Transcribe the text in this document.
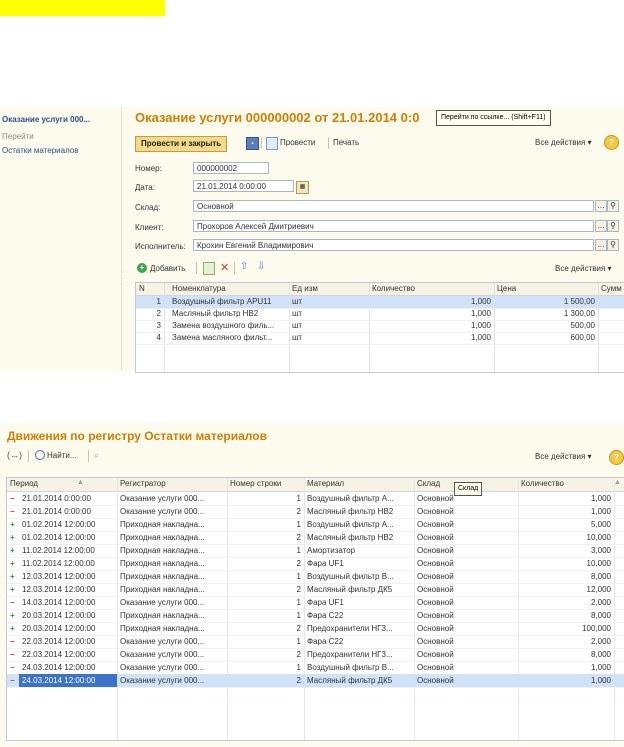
Оказание услуги 000...
Перейти
Остатки материалов
·
·
·
·
Оказание услуги 000000002 от 21.01.2014 0:0	Перейти по ссылке... (Shift+F11)
Провести и закрыть	▪	Провести Печать	Все действия ▾	?
Номер:	000000002
Дата:	21.01.2014 0:00:00	▦
Склад:	Основной	… ⚲
Клиент:	Прохоров Алексей Дмитриевич	… ⚲
Исполнитель:	Крохин Евгений Владимирович	… ⚲
+ Добавить	✕ ⇧ ⇩	Все действия ▾
N	Номенклатура	Ед изм	Количество	Цена	Сумм
1	Воздушный фильтр APU11	шт	1,000	1 500,00
2	Масляный фильтр HB2	шт	1,000	1 300,00
3	Замена воздушного филь...	шт	1,000	500,00
4	Замена масляного фильт...	шт	1,000	600,00
Движения по регистру Остатки материалов
(↔)	Найти... ⌕	Все действия ▾	?
Период	▲	Регистратор	Номер строки	Материал	Склад	Количество
− 21.01.2014 0:00:00	Оказание услуги 000...	1 Воздушный фильтр А...	Основной	1,000
− 21.01.2014 0:00:00	Оказание услуги 000...	2 Масляный фильтр HB2	Основной	1,000
+ 01.02.2014 12:00:00	Приходная накладна...	1 Воздушный фильтр А...	Основной	5,000
+ 01.02.2014 12:00:00	Приходная накладна...	2 Масляный фильтр HB2	Основной	10,000
+ 11.02.2014 12:00:00	Приходная накладна...	1 Амортизатор	Основной	3,000
+ 11.02.2014 12:00:00	Приходная накладна...	2 Фара UF1	Основной	10,000
+ 12.03.2014 12:00:00	Приходная накладна...	1 Воздушный фильтр В...	Основной	8,000
+ 12.03.2014 12:00:00	Приходная накладна...	2 Масляный фильтр ДК5	Основной	12,000
− 14.03.2014 12:00:00	Оказание услуги 000...	1 Фара UF1	Основной	2,000
+ 20.03.2014 12:00:00	Приходная накладна...	1 Фара С22	Основной	8,000
+ 20.03.2014 12:00:00	Приходная накладна...	2 Предохранители НГ3...	Основной	100,000
− 22.03.2014 12:00:00	Оказание услуги 000...	1 Фара С22	Основной	2,000
− 22.03.2014 12:00:00	Оказание услуги 000...	2 Предохранители НГ3...	Основной	8,000
− 24.03.2014 12:00:00	Оказание услуги 000...	1 Воздушный фильтр В...	Основной	1,000
− 24.03.2014 12:00:00	Оказание услуги 000...	2 Масляный фильтр ДК5	Основной	1,000
▲
Склад
